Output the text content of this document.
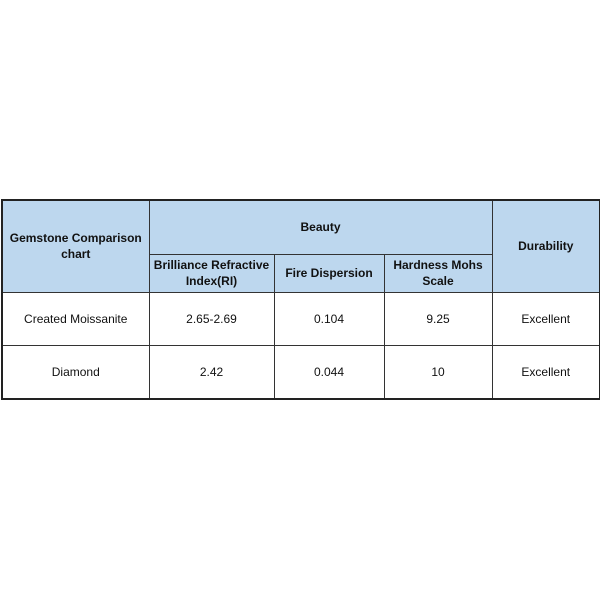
Gemstone Comparison chart	Beauty			Durability
	Brilliance Refractive Index(RI)	Fire Dispersion	Hardness Mohs Scale	
Created Moissanite	2.65-2.69	0.104	9.25	Excellent
Diamond	2.42	0.044	10	Excellent
